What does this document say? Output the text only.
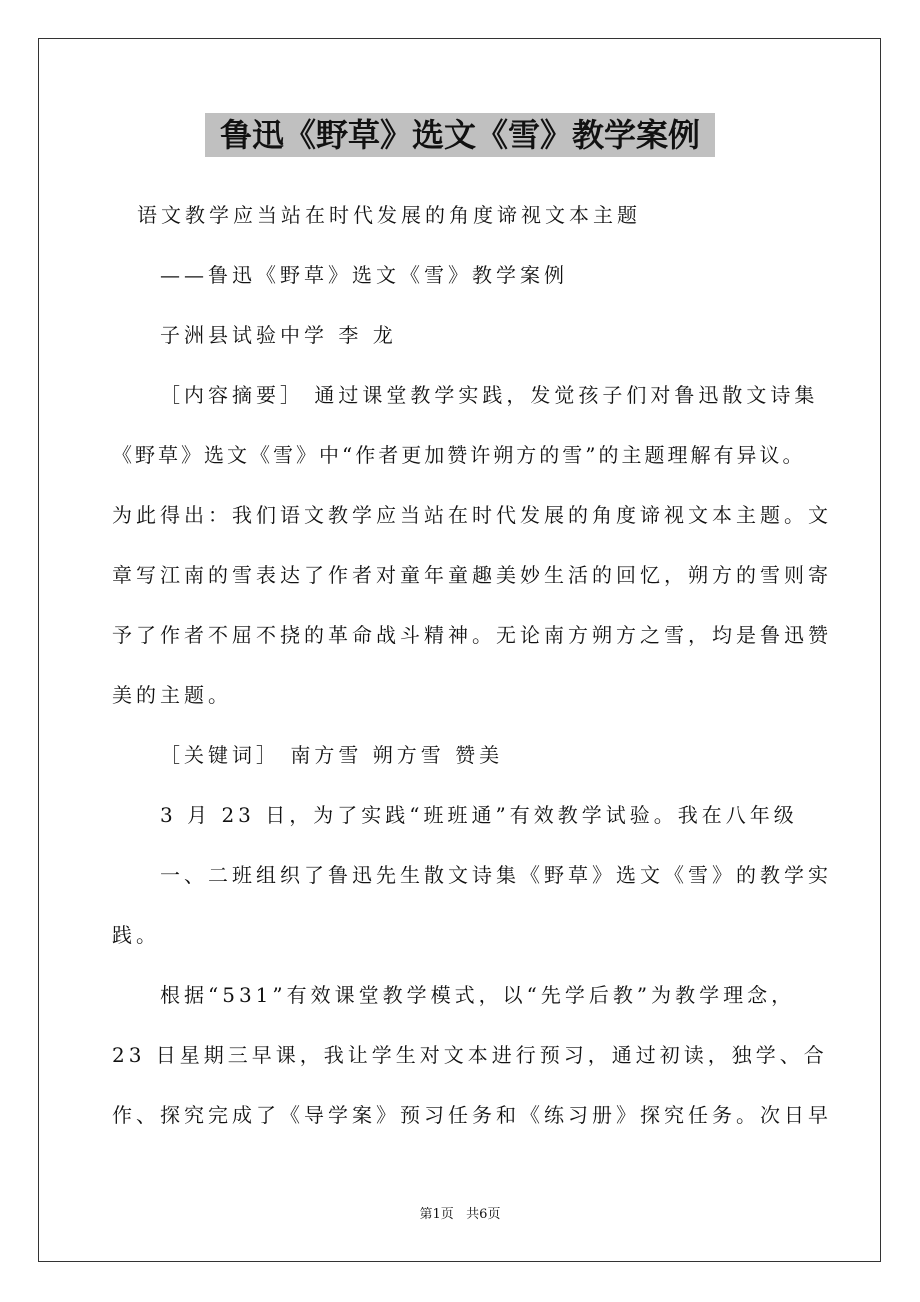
鲁迅《野草》选文《雪》教学案例
语文教学应当站在时代发展的角度谛视文本主题
——鲁迅《野草》选文《雪》教学案例
子洲县试验中学 李 龙
［内容摘要］ 通过课堂教学实践，发觉孩子们对鲁迅散文诗集
《野草》选文《雪》中“作者更加赞许朔方的雪”的主题理解有异议。
为此得出：我们语文教学应当站在时代发展的角度谛视文本主题。文
章写江南的雪表达了作者对童年童趣美妙生活的回忆，朔方的雪则寄
予了作者不屈不挠的革命战斗精神。无论南方朔方之雪，均是鲁迅赞
美的主题。
［关键词］ 南方雪 朔方雪 赞美
3 月 23 日，为了实践“班班通”有效教学试验。我在八年级
一、二班组织了鲁迅先生散文诗集《野草》选文《雪》的教学实
践。
根据“531”有效课堂教学模式，以“先学后教”为教学理念，
23 日星期三早课，我让学生对文本进行预习，通过初读，独学、合
作、探究完成了《导学案》预习任务和《练习册》探究任务。次日早
第1页   共6页
